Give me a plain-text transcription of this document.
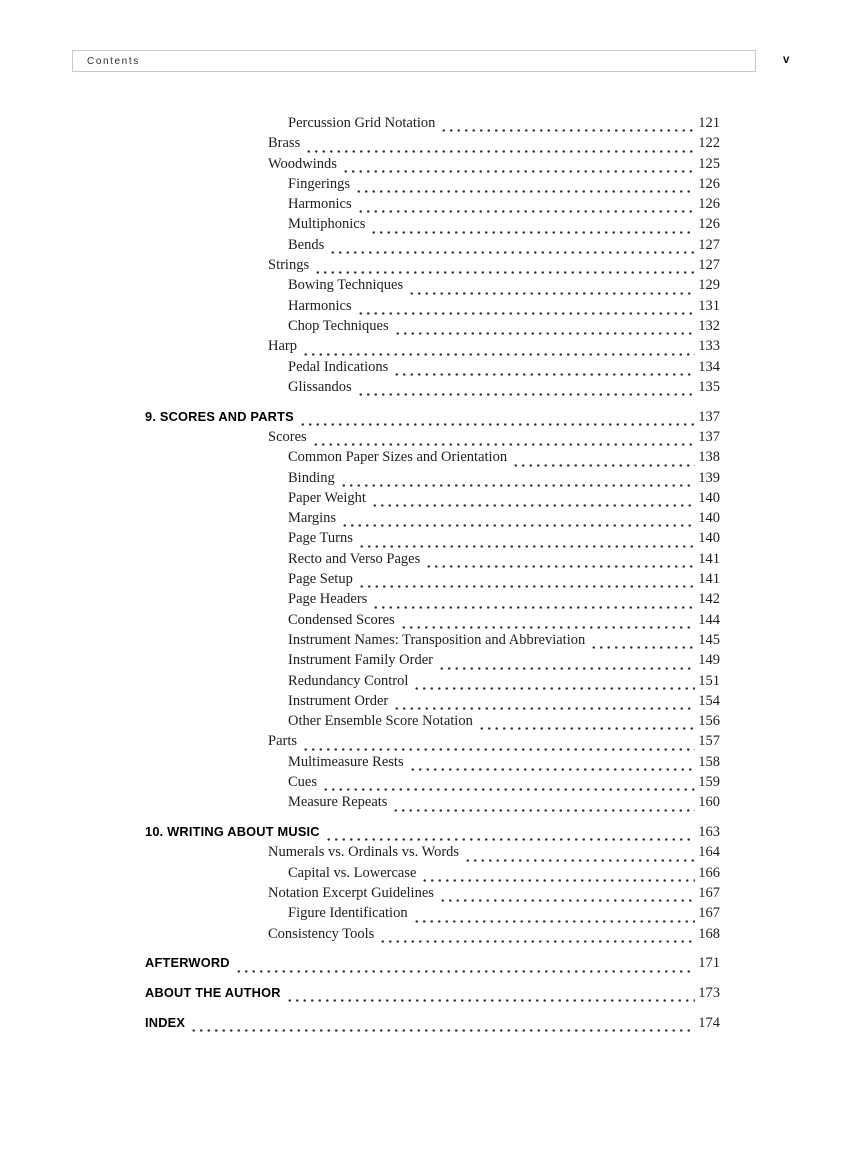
Contents	v
Percussion Grid Notation	121
Brass	122
Woodwinds	125
Fingerings	126
Harmonics	126
Multiphonics	126
Bends	127
Strings	127
Bowing Techniques	129
Harmonics	131
Chop Techniques	132
Harp	133
Pedal Indications	134
Glissandos	135
9. SCORES AND PARTS	137
Scores	137
Common Paper Sizes and Orientation	138
Binding	139
Paper Weight	140
Margins	140
Page Turns	140
Recto and Verso Pages	141
Page Setup	141
Page Headers	142
Condensed Scores	144
Instrument Names: Transposition and Abbreviation	145
Instrument Family Order	149
Redundancy Control	151
Instrument Order	154
Other Ensemble Score Notation	156
Parts	157
Multimeasure Rests	158
Cues	159
Measure Repeats	160
10. WRITING ABOUT MUSIC	163
Numerals vs. Ordinals vs. Words	164
Capital vs. Lowercase	166
Notation Excerpt Guidelines	167
Figure Identification	167
Consistency Tools	168
AFTERWORD	171
ABOUT THE AUTHOR	173
INDEX	174
